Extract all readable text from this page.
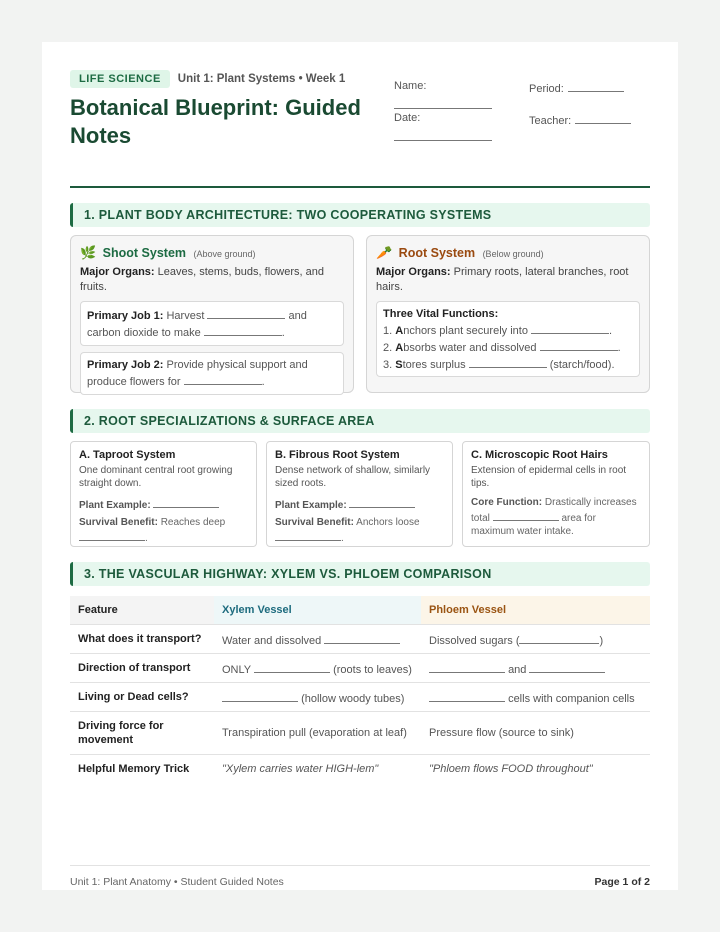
LIFE SCIENCE	Unit 1: Plant Systems • Week 1
Botanical Blueprint: Guided Notes
Name:	Period:
Date:	Teacher:
1. PLANT BODY ARCHITECTURE: TWO COOPERATING SYSTEMS
🌿 Shoot System (Above ground)
Major Organs: Leaves, stems, buds, flowers, and fruits.
Primary Job 1: Harvest	and carbon dioxide to make	.
Primary Job 2: Provide physical support and produce flowers for	.
🥕 Root System (Below ground)
Major Organs: Primary roots, lateral branches, root hairs.
Three Vital Functions:
1. Anchors plant securely into	.
2. Absorbs water and dissolved	.
3. Stores surplus	(starch/food).
2. ROOT SPECIALIZATIONS & SURFACE AREA
A. Taproot System
One dominant central root growing straight down.
Plant Example:
Survival Benefit: Reaches deep .
B. Fibrous Root System
Dense network of shallow, similarly sized roots.
Plant Example:
Survival Benefit: Anchors loose .
C. Microscopic Root Hairs
Extension of epidermal cells in root tips.
Core Function: Drastically increases total	area for maximum water intake.
3. THE VASCULAR HIGHWAY: XYLEM VS. PHLOEM COMPARISON
Feature	Xylem Vessel	Phloem Vessel
What does it transport?	Water and dissolved	Dissolved sugars ( )
Direction of transport	ONLY (roots to leaves)	and
Living or Dead cells?	(hollow woody tubes)	cells with companion cells
Driving force for movement	Transpiration pull (evaporation at leaf)	Pressure flow (source to sink)
Helpful Memory Trick	"Xylem carries water HIGH-lem"	"Phloem flows FOOD throughout"
Unit 1: Plant Anatomy • Student Guided Notes	Page 1 of 2
